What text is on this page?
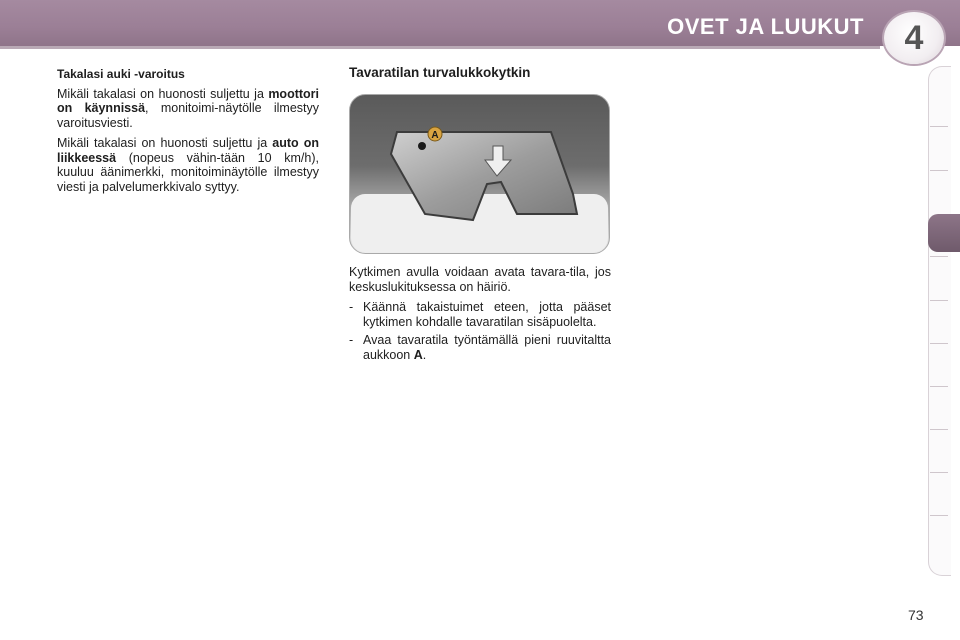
OVET JA LUUKUT 4
Takalasi auki -varoitus

Mikäli takalasi on huonosti suljettu ja moottori on käynnissä, monitoimi-näytölle ilmestyy varoitusviesti.

Mikäli takalasi on huonosti suljettu ja auto on liikkeessä (nopeus vähin-tään 10 km/h), kuuluu äänimerkki, monitoiminäytölle ilmestyy viesti ja palvelumerkkivalo syttyy.

Tavaratilan turvalukkokytkin
A

Kytkimen avulla voidaan avata tavara-tila, jos keskuslukituksessa on häiriö.

- Käännä takaistuimet eteen, jotta pääset kytkimen kohdalle tavaratilan sisäpuolelta.
- Avaa tavaratila työntämällä pieni ruuvitaltta aukkoon A.
73
